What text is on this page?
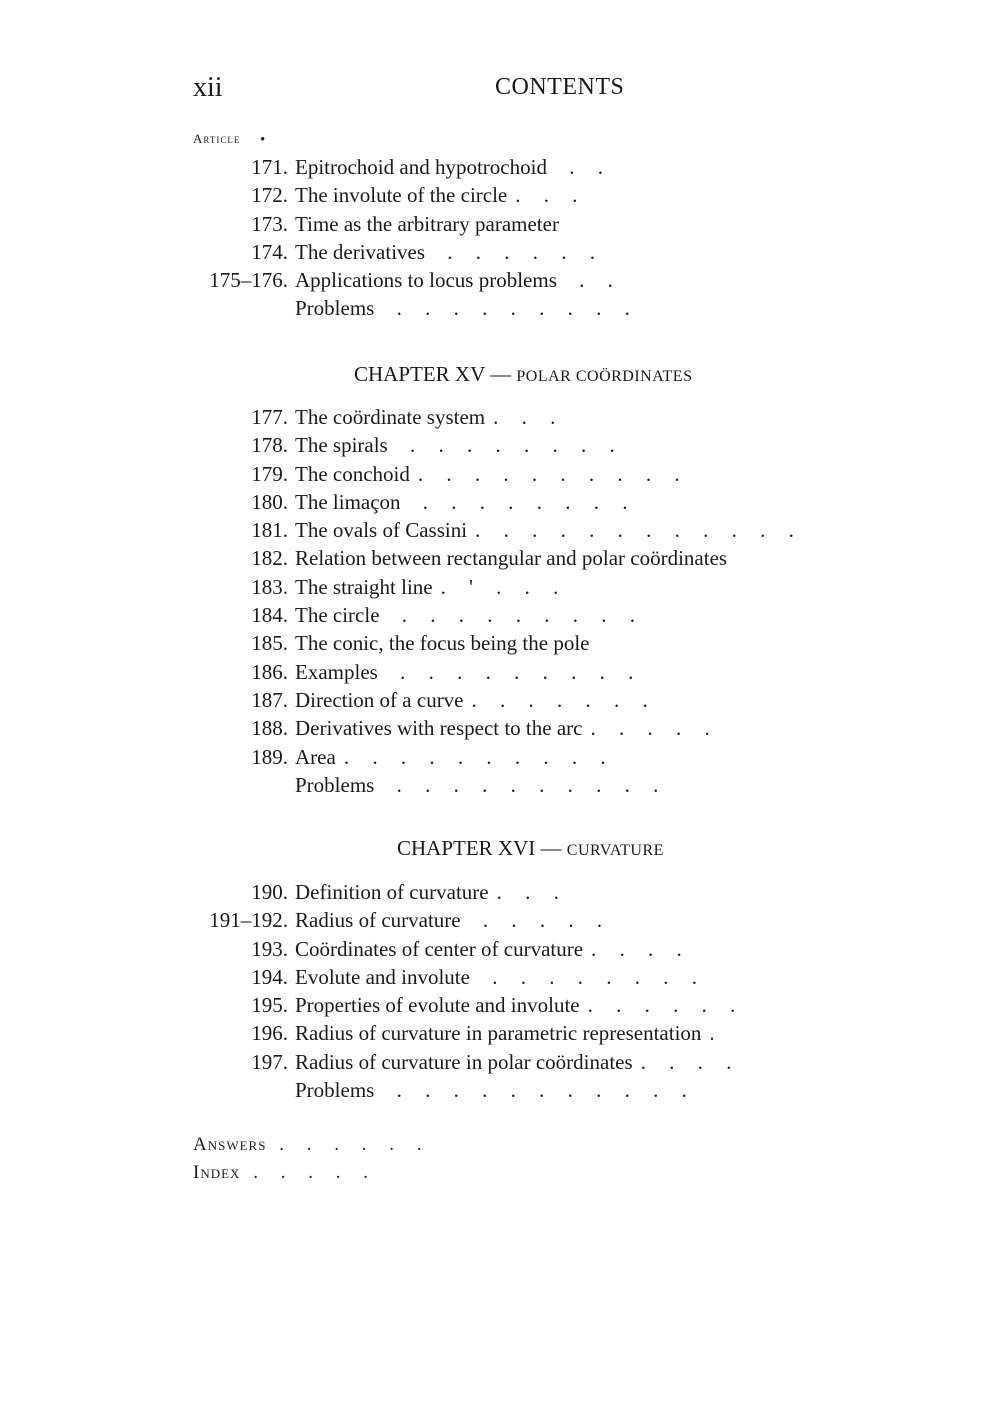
xii	CONTENTS
Article •
171. Epitrochoid and hypotrochoid . .
172. The involute of the circle . . .
173. Time as the arbitrary parameter
174. The derivatives . . . . . .
175–176. Applications to locus problems . .
Problems . . . . . . . . .
CHAPTER XV — POLAR COÖRDINATES
177. The coördinate system . . .
178. The spirals . . . . . . . .
179. The conchoid . . . . . . . . . .
180. The limaçon . . . . . . . .
181. The ovals of Cassini . . . . . . . . . . . .
182. Relation between rectangular and polar coördinates
183. The straight line . ' . . .
184. The circle . . . . . . . . .
185. The conic, the focus being the pole
186. Examples . . . . . . . . .
187. Direction of a curve . . . . . . .
188. Derivatives with respect to the arc . . . . .
189. Area . . . . . . . . . .
Problems . . . . . . . . . .
CHAPTER XVI — CURVATURE
190. Definition of curvature . . .
191–192. Radius of curvature . . . . .
193. Coördinates of center of curvature . . . .
194. Evolute and involute . . . . . . . .
195. Properties of evolute and involute . . . . . .
196. Radius of curvature in parametric representation .
197. Radius of curvature in polar coördinates . . . .
Problems . . . . . . . . . . .
Answers . . . . . .
Index . . . . .
